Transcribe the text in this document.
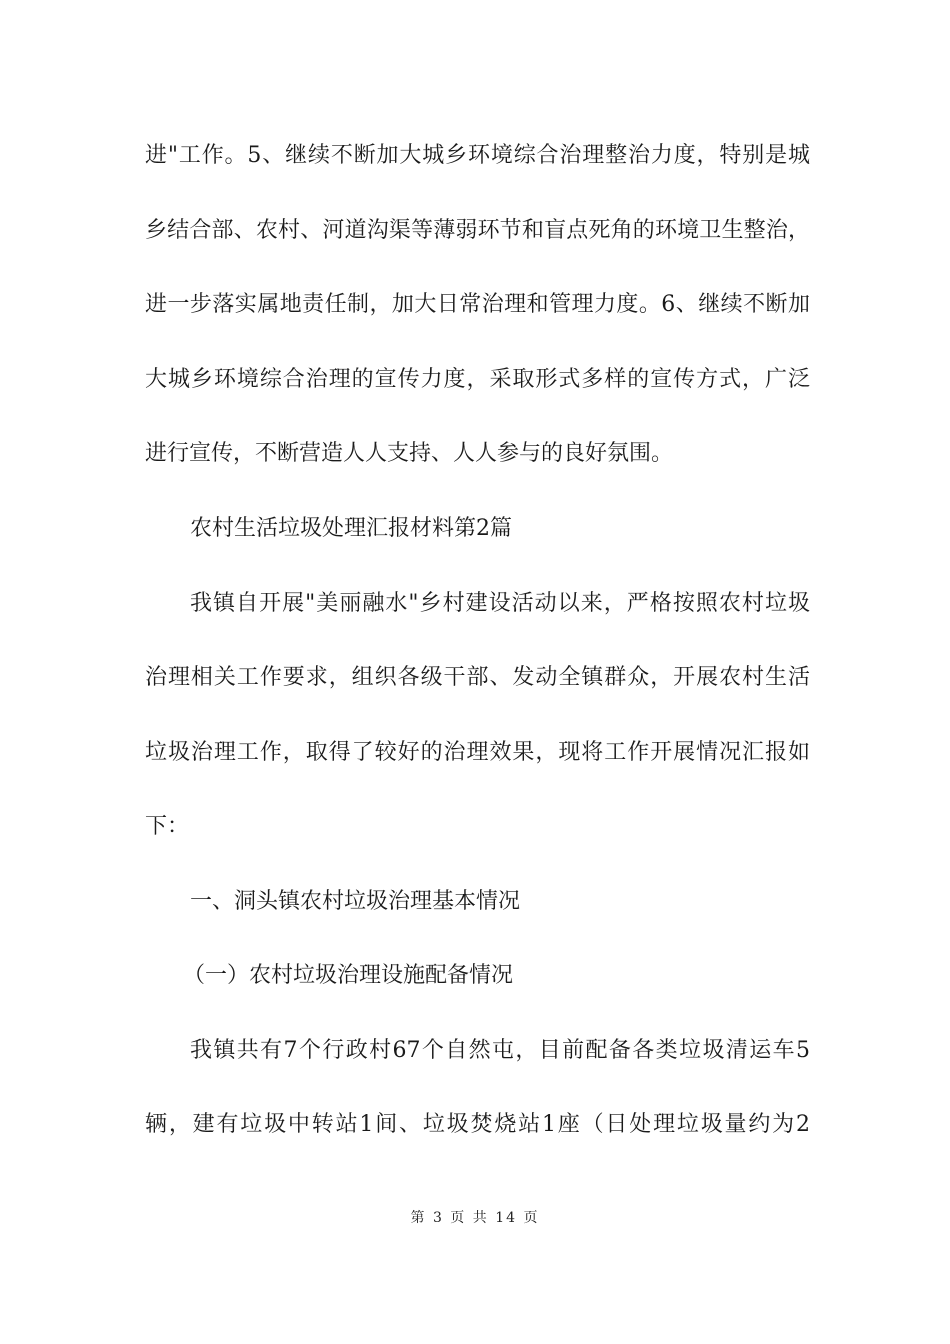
进"工作。5、继续不断加大城乡环境综合治理整治力度，特别是城
乡结合部、农村、河道沟渠等薄弱环节和盲点死角的环境卫生整治，
进一步落实属地责任制，加大日常治理和管理力度。6、继续不断加
大城乡环境综合治理的宣传力度，采取形式多样的宣传方式，广泛
进行宣传，不断营造人人支持、人人参与的良好氛围。
农村生活垃圾处理汇报材料第2篇
我镇自开展"美丽融水"乡村建设活动以来，严格按照农村垃圾
治理相关工作要求，组织各级干部、发动全镇群众，开展农村生活
垃圾治理工作，取得了较好的治理效果，现将工作开展情况汇报如
下：
一、洞头镇农村垃圾治理基本情况
（一）农村垃圾治理设施配备情况
我镇共有7个行政村67个自然屯，目前配备各类垃圾清运车5
辆，建有垃圾中转站1间、垃圾焚烧站1座（日处理垃圾量约为2
第 3 页 共 14 页
